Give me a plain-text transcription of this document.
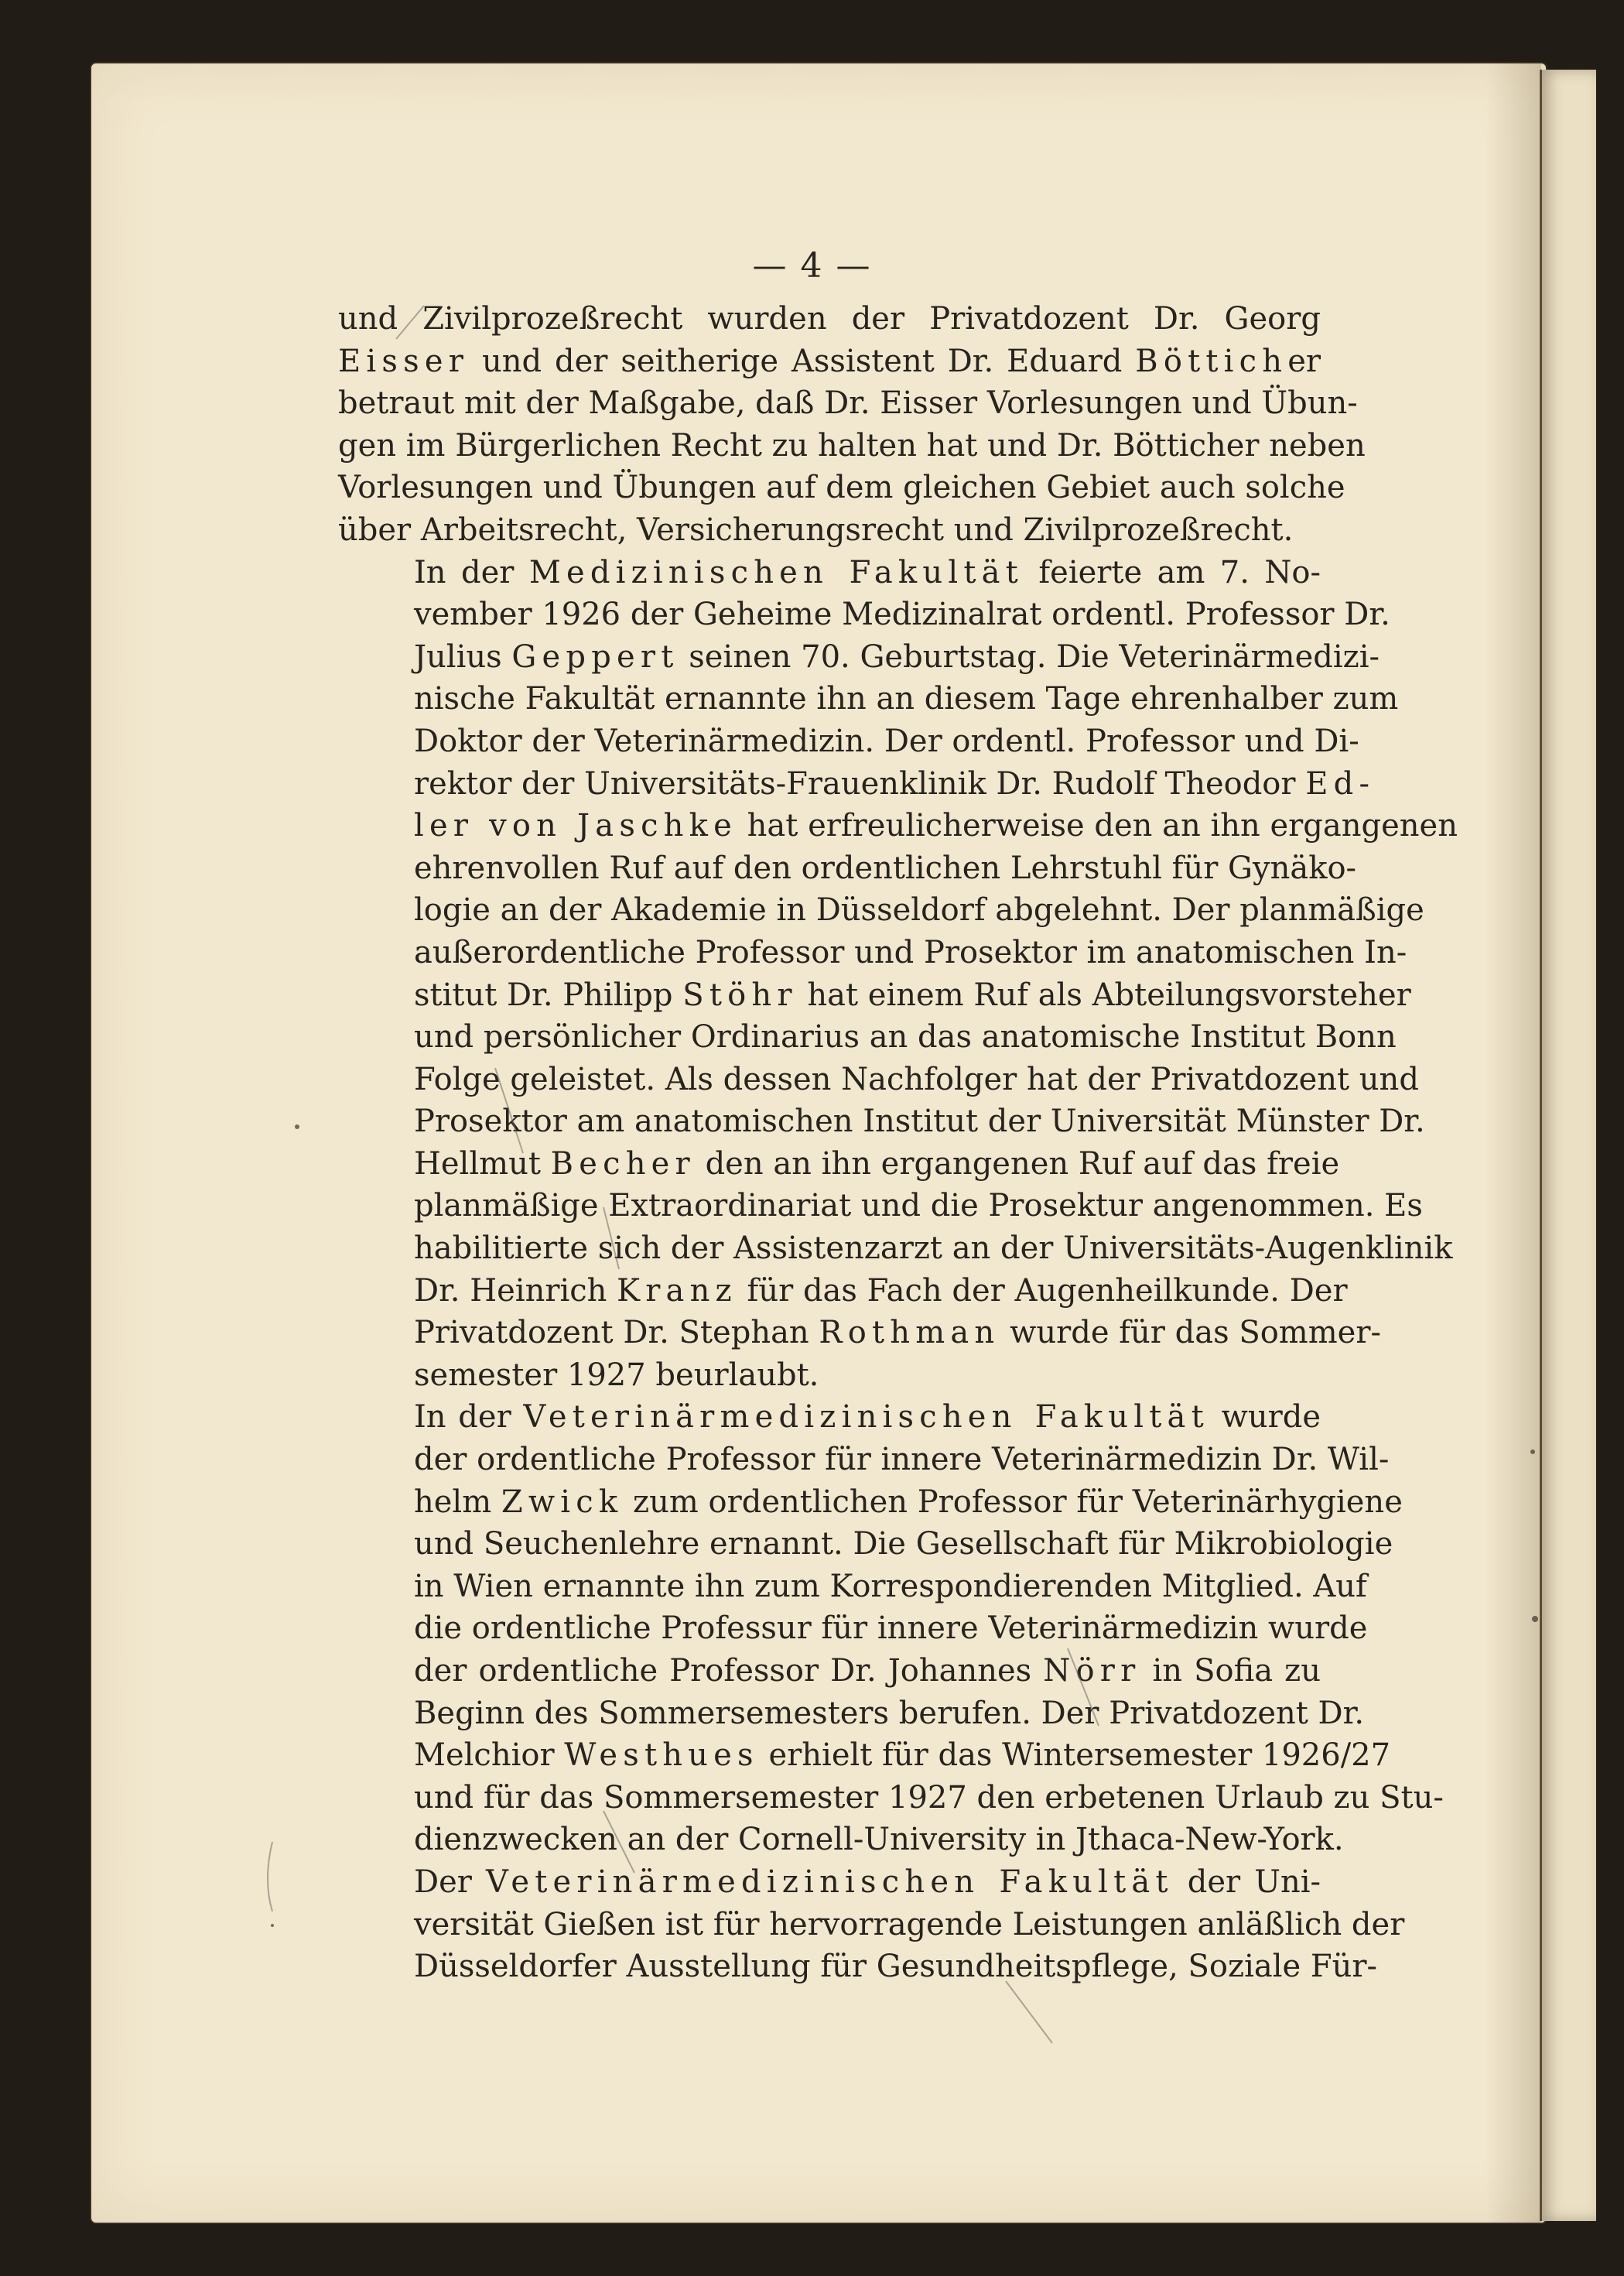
— 4 —

und Zivilprozeßrecht wurden der Privatdozent Dr. Georg
Eisser und der seitherige Assistent Dr. Eduard Bötticher
betraut mit der Maßgabe, daß Dr. Eisser Vorlesungen und Übun-
gen im Bürgerlichen Recht zu halten hat und Dr. Bötticher neben
Vorlesungen und Übungen auf dem gleichen Gebiet auch solche
über Arbeitsrecht, Versicherungsrecht und Zivilprozeßrecht.

In der Medizinischen Fakultät feierte am 7. No-
vember 1926 der Geheime Medizinalrat ordentl. Professor Dr.
Julius Geppert seinen 70. Geburtstag. Die Veterinärmedizi-
nische Fakultät ernannte ihn an diesem Tage ehrenhalber zum
Doktor der Veterinärmedizin. Der ordentl. Professor und Di-
rektor der Universitäts-Frauenklinik Dr. Rudolf Theodor Ed-
ler von Jaschke hat erfreulicherweise den an ihn ergangenen
ehrenvollen Ruf auf den ordentlichen Lehrstuhl für Gynäko-
logie an der Akademie in Düsseldorf abgelehnt. Der planmäßige
außerordentliche Professor und Prosektor im anatomischen In-
stitut Dr. Philipp Stöhr hat einem Ruf als Abteilungsvorsteher
und persönlicher Ordinarius an das anatomische Institut Bonn
Folge geleistet. Als dessen Nachfolger hat der Privatdozent und
Prosektor am anatomischen Institut der Universität Münster Dr.
Hellmut Becher den an ihn ergangenen Ruf auf das freie
planmäßige Extraordinariat und die Prosektur angenommen. Es
habilitierte sich der Assistenzarzt an der Universitäts-Augenklinik
Dr. Heinrich Kranz für das Fach der Augenheilkunde. Der
Privatdozent Dr. Stephan Rothman wurde für das Sommer-
semester 1927 beurlaubt.

In der Veterinärmedizinischen Fakultät wurde
der ordentliche Professor für innere Veterinärmedizin Dr. Wil-
helm Zwick zum ordentlichen Professor für Veterinärhygiene
und Seuchenlehre ernannt. Die Gesellschaft für Mikrobiologie
in Wien ernannte ihn zum Korrespondierenden Mitglied. Auf
die ordentliche Professur für innere Veterinärmedizin wurde
der ordentliche Professor Dr. Johannes Nörr in Sofia zu
Beginn des Sommersemesters berufen. Der Privatdozent Dr.
Melchior Westhues erhielt für das Wintersemester 1926/27
und für das Sommersemester 1927 den erbetenen Urlaub zu Stu-
dienzwecken an der Cornell-University in Jthaca-New-York.

Der Veterinärmedizinischen Fakultät der Uni-
versität Gießen ist für hervorragende Leistungen anläßlich der
Düsseldorfer Ausstellung für Gesundheitspflege, Soziale Für-
